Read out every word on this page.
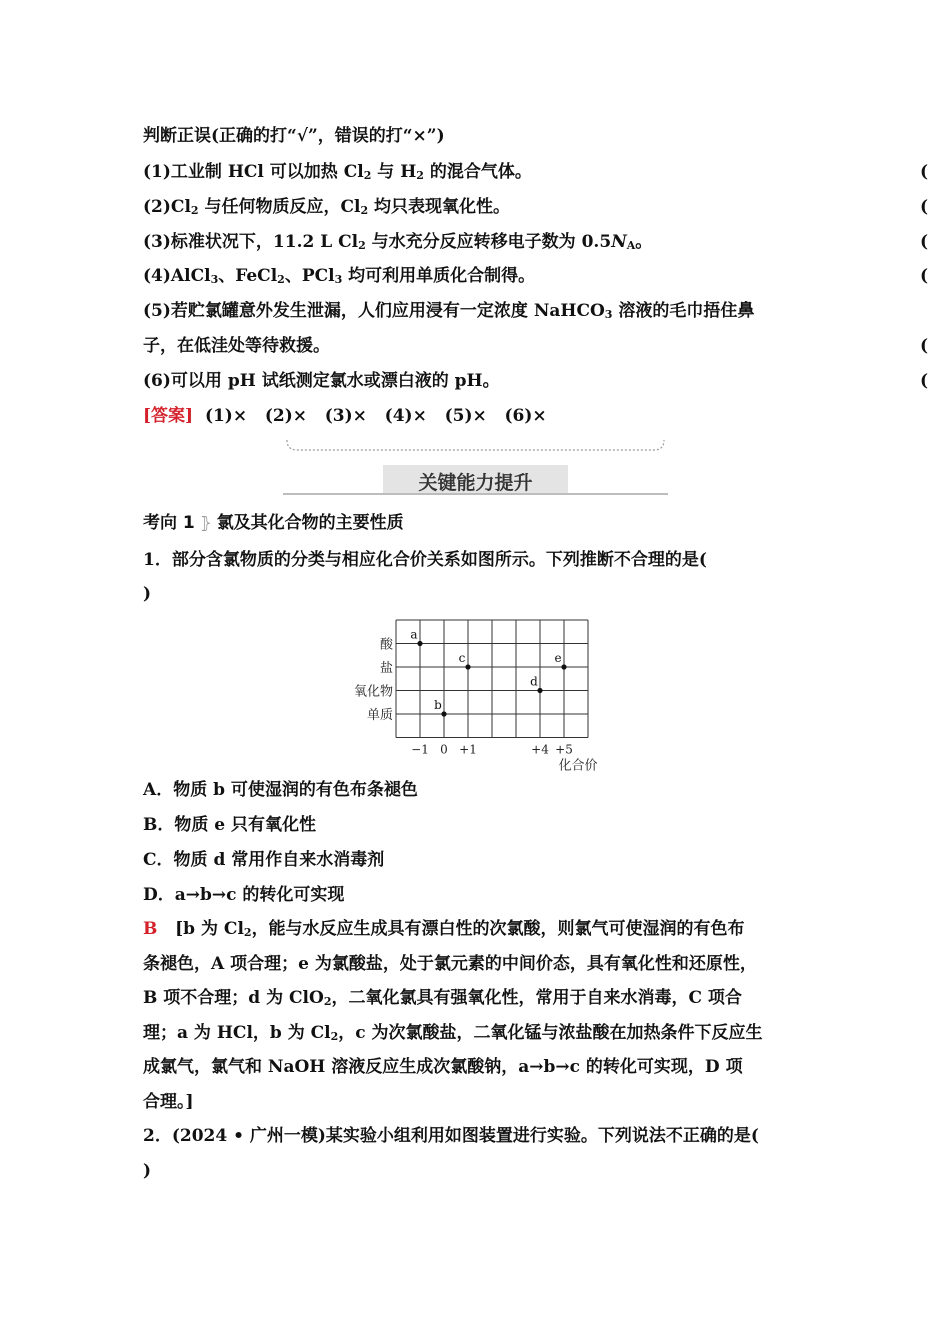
判断正误(正确的打“√”，错误的打“×”)
(1)工业制 HCl 可以加热 $Cl_2$ 与 $H_2$ 的混合气体。	(
$(2)Cl_2$ 与任何物质反应，$Cl_2$ 均只表现氧化性。	(
(3)标准状况下，11.2 L $Cl_2$ 与水充分反应转移电子数为 $0.5N_A$。	(
(4)AlCl$_3$、FeCl$_2$、PCl$_3$ 均可利用单质化合制得。	(
(5)若贮氯罐意外发生泄漏，人们应用浸有一定浓度 NaHCO$_3$ 溶液的毛巾捂住鼻
子，在低洼处等待救援。	(
(6)可以用 pH 试纸测定氯水或漂白液的 pH。	(
[答案] (1)×   (2)×   (3)×   (4)×   (5)×   (6)×
关键能力提升
考向 1 ⦄ 氯及其化合物的主要性质
1．部分含氯物质的分类与相应化合价关系如图所示。下列推断不合理的是(
)
单质
氧化物
盐
酸
−1 0 +1	+4 +5
化合价
a
b
c
d
e
A．物质 b 可使湿润的有色布条褪色
B．物质 e 只有氧化性
C．物质 d 常用作自来水消毒剂
D．a→b→c 的转化可实现
B [b 为 $Cl_2$，能与水反应生成具有漂白性的次氯酸，则氯气可使湿润的有色布
条褪色，A 项合理；e 为氯酸盐，处于氯元素的中间价态，具有氧化性和还原性，
B 项不合理；d 为 ClO$_2$，二氧化氯具有强氧化性，常用于自来水消毒，C 项合
理；a 为 HCl，b 为 $Cl_2$，c 为次氯酸盐，二氧化锰与浓盐酸在加热条件下反应生
成氯气，氯气和 NaOH 溶液反应生成次氯酸钠，a→b→c 的转化可实现，D 项
合理。]
2．(2024 • 广州一模)某实验小组利用如图装置进行实验。下列说法不正确的是(
)
